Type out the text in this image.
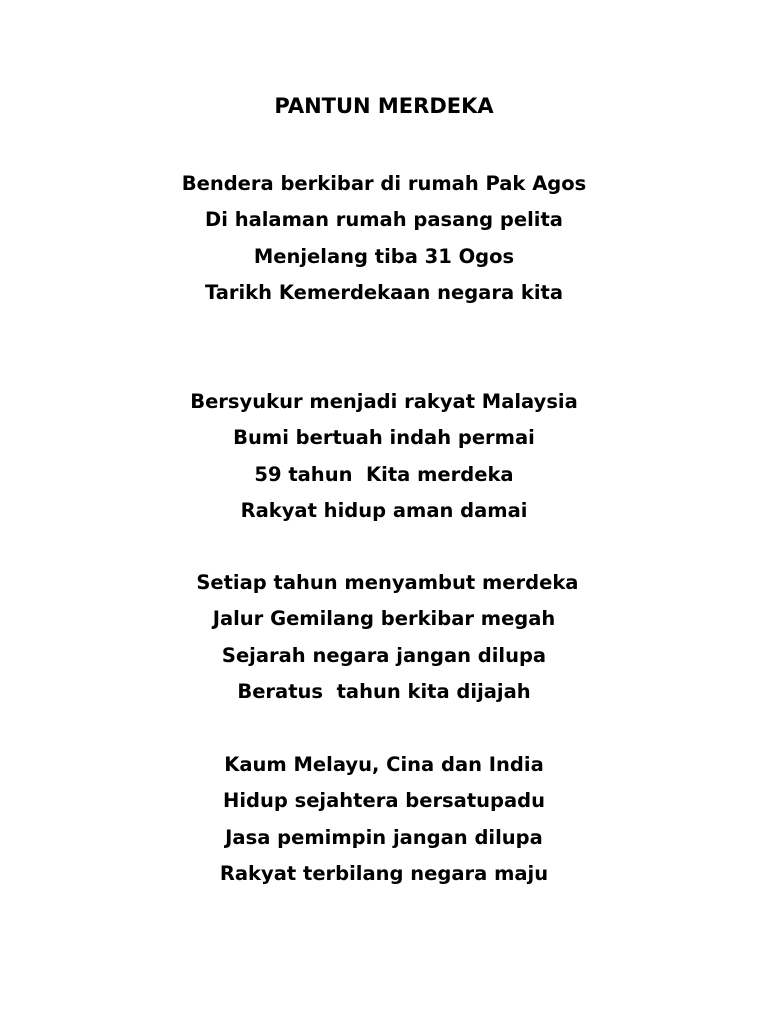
PANTUN MERDEKA
Bendera berkibar di rumah Pak Agos
Di halaman rumah pasang pelita
Menjelang tiba 31 Ogos
Tarikh Kemerdekaan negara kita
Bersyukur menjadi rakyat Malaysia
Bumi bertuah indah permai
59 tahun  Kita merdeka
Rakyat hidup aman damai
Setiap tahun menyambut merdeka
Jalur Gemilang berkibar megah
Sejarah negara jangan dilupa
Beratus  tahun kita dijajah
Kaum Melayu, Cina dan India
Hidup sejahtera bersatupadu
Jasa pemimpin jangan dilupa
Rakyat terbilang negara maju
